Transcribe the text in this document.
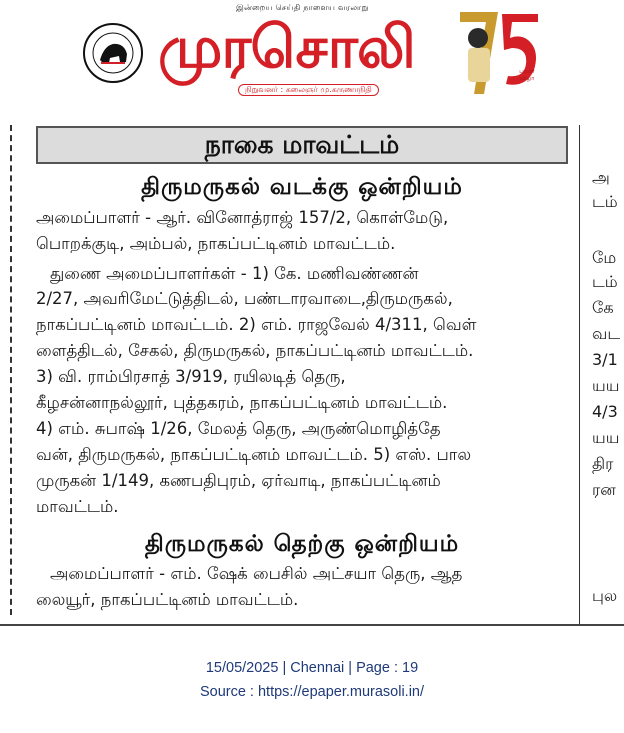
இன்றைய செய்தி நாளைய வரலாறு
முரசொலி
நிறுவனர் : கலைஞர் மு.கருணாநிதி
பவள விழா
அ
டம்
மே
டம்
கே
வட
3/1
யய
4/3
யய
திர
ரன
புல
நாகை மாவட்டம்
திருமருகல் வடக்கு ஒன்றியம்
அமைப்பாளர் - ஆர். வினோத்ராஜ் 157/2, கொள்மேடு,
பொறக்குடி, அம்பல், நாகப்பட்டினம் மாவட்டம்.
துணை அமைப்பாளர்கள் - 1) கே. மணிவண்ணன்
2/27, அவரிமேட்டுத்திடல், பண்டாரவாடை,திருமருகல்,
நாகப்பட்டினம் மாவட்டம். 2) எம். ராஜவேல் 4/311, வெள்
ளைத்திடல், சேகல், திருமருகல், நாகப்பட்டினம் மாவட்டம்.
3) வி. ராம்பிரசாத் 3/919, ரயிலடித் தெரு,
கீழசன்னாநல்லூர், புத்தகரம், நாகப்பட்டினம் மாவட்டம்.
4) எம். சுபாஷ் 1/26, மேலத் தெரு, அருண்மொழித்தே
வன், திருமருகல், நாகப்பட்டினம் மாவட்டம். 5) எஸ். பால
முருகன் 1/149, கணபதிபுரம், ஏர்வாடி, நாகப்பட்டினம்
மாவட்டம்.
திருமருகல் தெற்கு ஒன்றியம்
அமைப்பாளர் - எம். ஷேக் பைசில் அட்சயா தெரு, ஆத
லையூர், நாகப்பட்டினம் மாவட்டம்.
15/05/2025 | Chennai | Page : 19
Source : https://epaper.murasoli.in/
